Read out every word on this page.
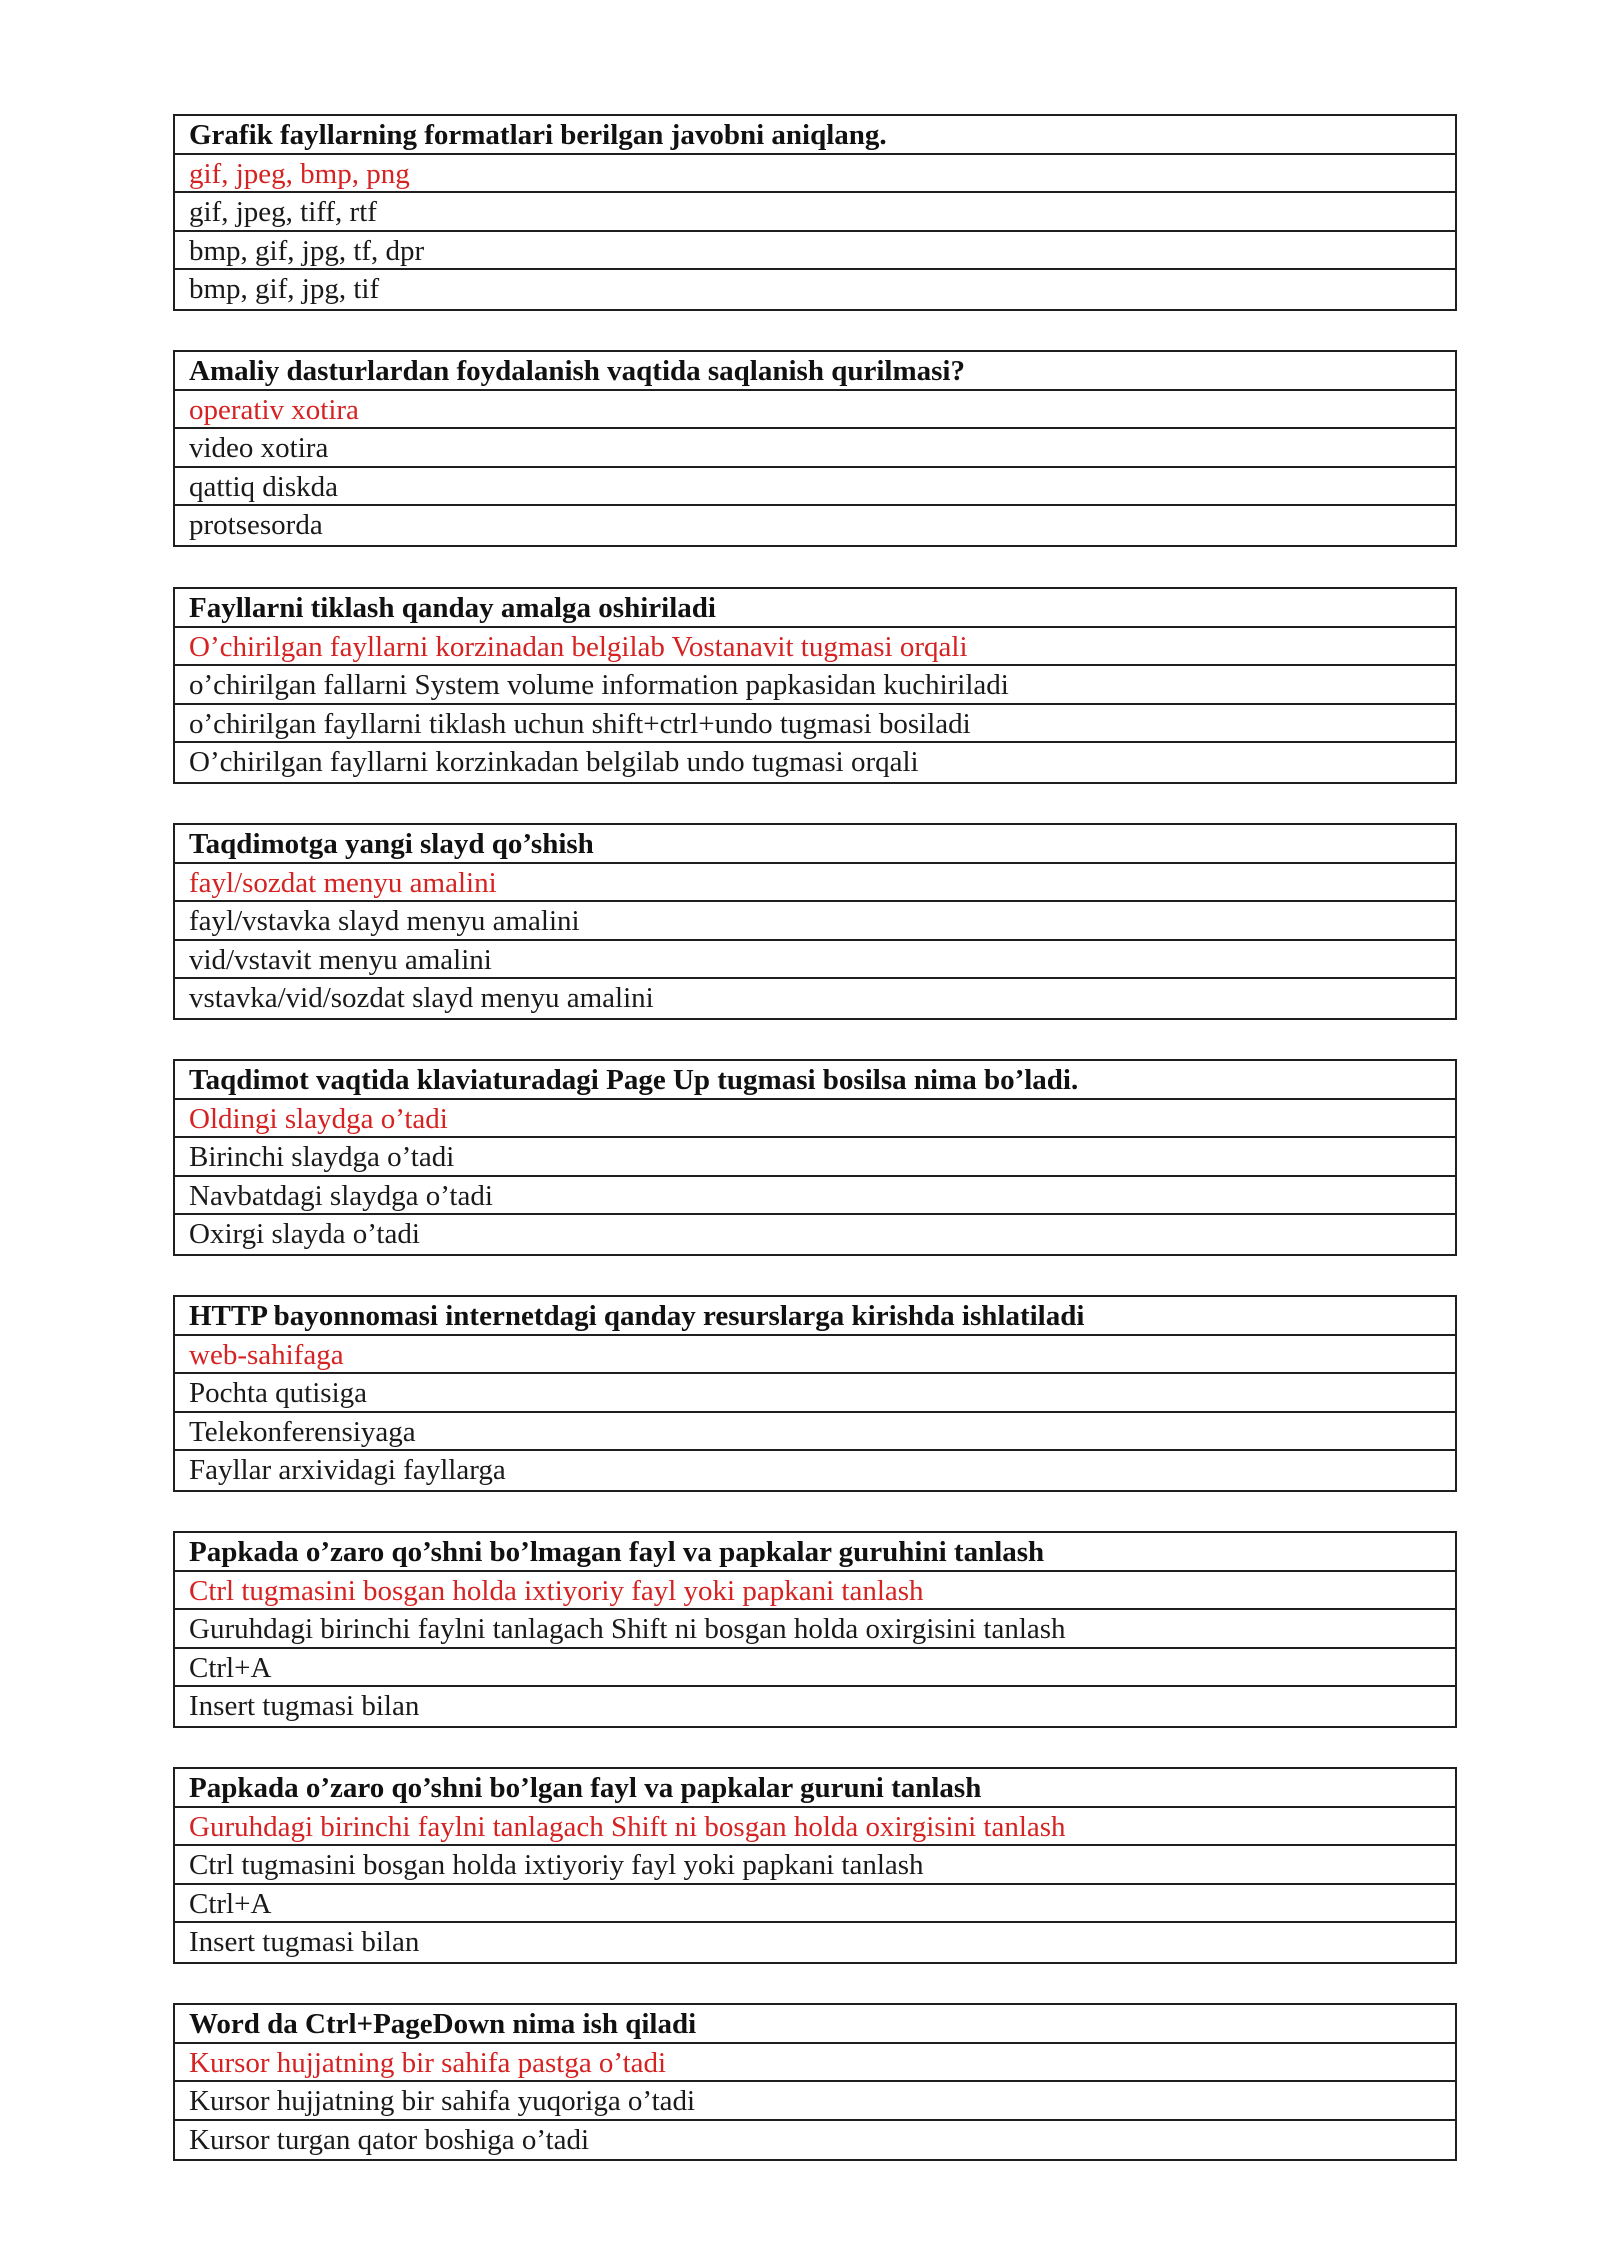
Grafik fayllarning formatlari berilgan javobni aniqlang.
gif, jpeg, bmp, png
gif, jpeg, tiff, rtf
bmp, gif, jpg, tf, dpr
bmp, gif, jpg, tif
Amaliy dasturlardan foydalanish vaqtida saqlanish qurilmasi?
operativ xotira
video xotira
qattiq diskda
protsesorda
Fayllarni tiklash qanday amalga oshiriladi
O’chirilgan fayllarni korzinadan belgilab Vostanavit tugmasi orqali
o’chirilgan fallarni System volume information papkasidan kuchiriladi
o’chirilgan fayllarni tiklash uchun shift+ctrl+undo tugmasi bosiladi
O’chirilgan fayllarni korzinkadan belgilab undo tugmasi orqali
Taqdimotga yangi slayd qo’shish
fayl/sozdat menyu amalini
fayl/vstavka slayd menyu amalini
vid/vstavit menyu amalini
vstavka/vid/sozdat slayd menyu amalini
Taqdimot vaqtida klaviaturadagi Page Up tugmasi bosilsa nima bo’ladi.
Oldingi slaydga o’tadi
Birinchi slaydga o’tadi
Navbatdagi slaydga o’tadi
Oxirgi slayda o’tadi
HTTP bayonnomasi internetdagi qanday resurslarga kirishda ishlatiladi
web-sahifaga
Pochta qutisiga
Telekonferensiyaga
Fayllar arxividagi fayllarga
Papkada o’zaro qo’shni bo’lmagan fayl va papkalar guruhini tanlash
Ctrl tugmasini bosgan holda ixtiyoriy fayl yoki papkani tanlash
Guruhdagi birinchi faylni tanlagach Shift ni bosgan holda oxirgisini tanlash
Ctrl+A
Insert tugmasi bilan
Papkada o’zaro qo’shni bo’lgan fayl va papkalar guruni tanlash
Guruhdagi birinchi faylni tanlagach Shift ni bosgan holda oxirgisini tanlash
Ctrl tugmasini bosgan holda ixtiyoriy fayl yoki papkani tanlash
Ctrl+A
Insert tugmasi bilan
Word da Ctrl+PageDown nima ish qiladi
Kursor hujjatning bir sahifa pastga o’tadi
Kursor hujjatning bir sahifa yuqoriga o’tadi
Kursor turgan qator boshiga o’tadi
